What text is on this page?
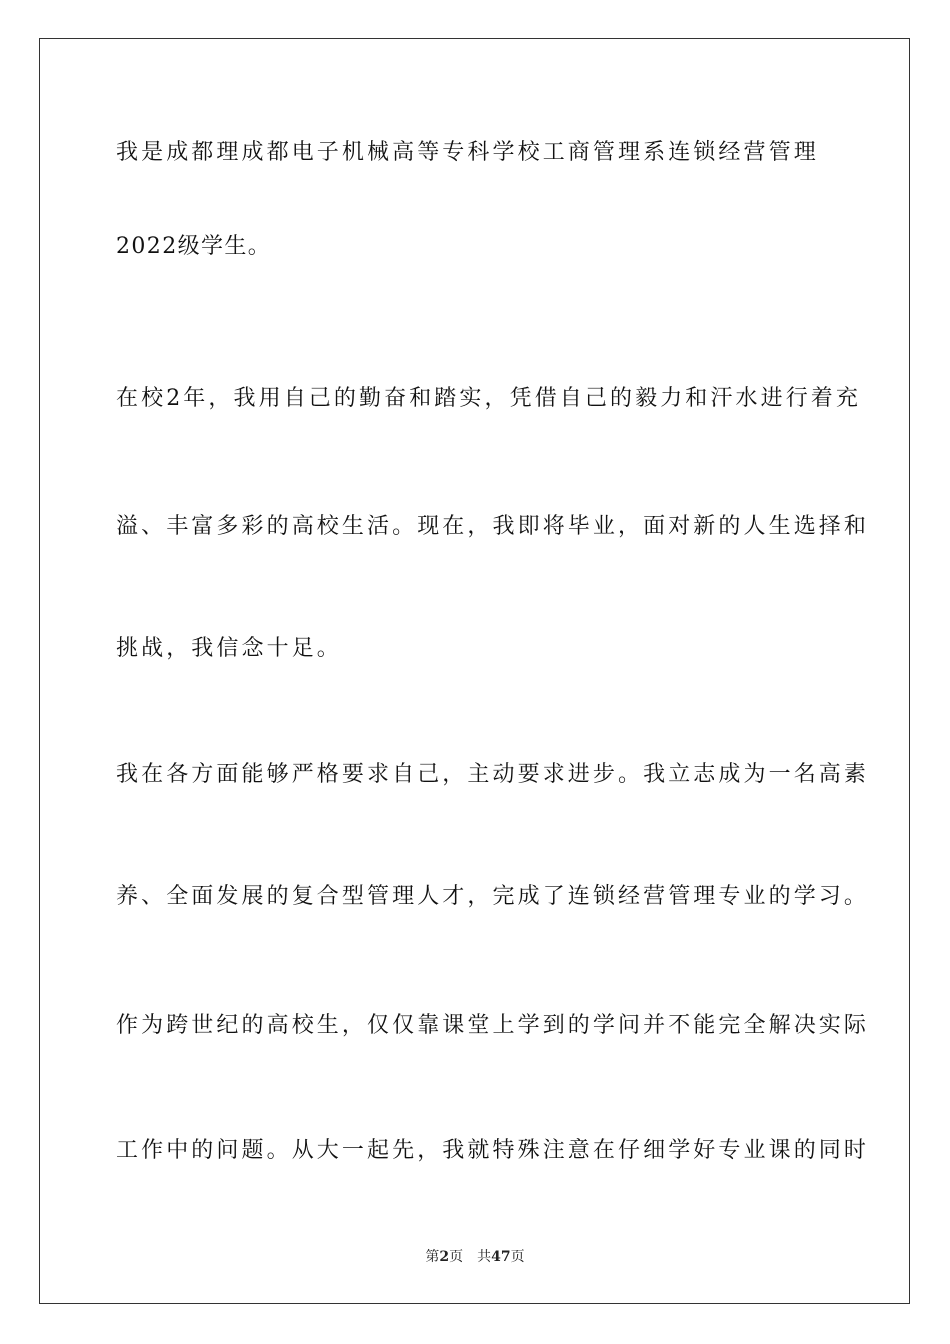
我是成都理成都电子机械高等专科学校工商管理系连锁经营管理
2022级学生。
在校2年，我用自己的勤奋和踏实，凭借自己的毅力和汗水进行着充
溢、丰富多彩的高校生活。现在，我即将毕业，面对新的人生选择和
挑战，我信念十足。
我在各方面能够严格要求自己，主动要求进步。我立志成为一名高素
养、全面发展的复合型管理人才，完成了连锁经营管理专业的学习。
作为跨世纪的高校生，仅仅靠课堂上学到的学问并不能完全解决实际
工作中的问题。从大一起先，我就特殊注意在仔细学好专业课的同时
第2页 共47页
